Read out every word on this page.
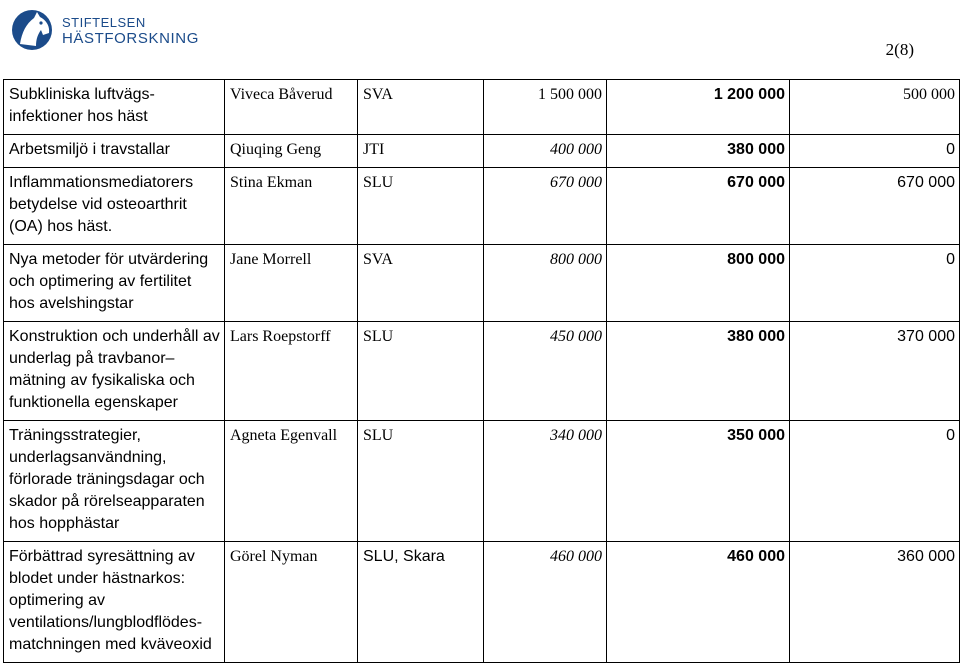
STIFTELSEN
HÄSTFORSKNING
2(8)
Subkliniska luftvägs-infektioner hos häst	Viveca Båverud	SVA	1 500 000	1 200 000	500 000
Arbetsmiljö i travstallar	Qiuqing Geng	JTI	400 000	380 000	0
Inflammationsmediatorers betydelse vid osteoarthrit (OA) hos häst.	Stina Ekman	SLU	670 000	670 000	670 000
Nya metoder för utvärdering och optimering av fertilitet hos avelshingstar	Jane Morrell	SVA	800 000	800 000	0
Konstruktion och underhåll av underlag på travbanor– mätning av fysikaliska och funktionella egenskaper	Lars Roepstorff	SLU	450 000	380 000	370 000
Träningsstrategier, underlagsanvändning, förlorade träningsdagar och skador på rörelseapparaten hos hopphästar	Agneta Egenvall	SLU	340 000	350 000	0
Förbättrad syresättning av blodet under hästnarkos: optimering av ventilations/lungblodflödes-matchningen med kväveoxid	Görel Nyman	SLU, Skara	460 000	460 000	360 000
